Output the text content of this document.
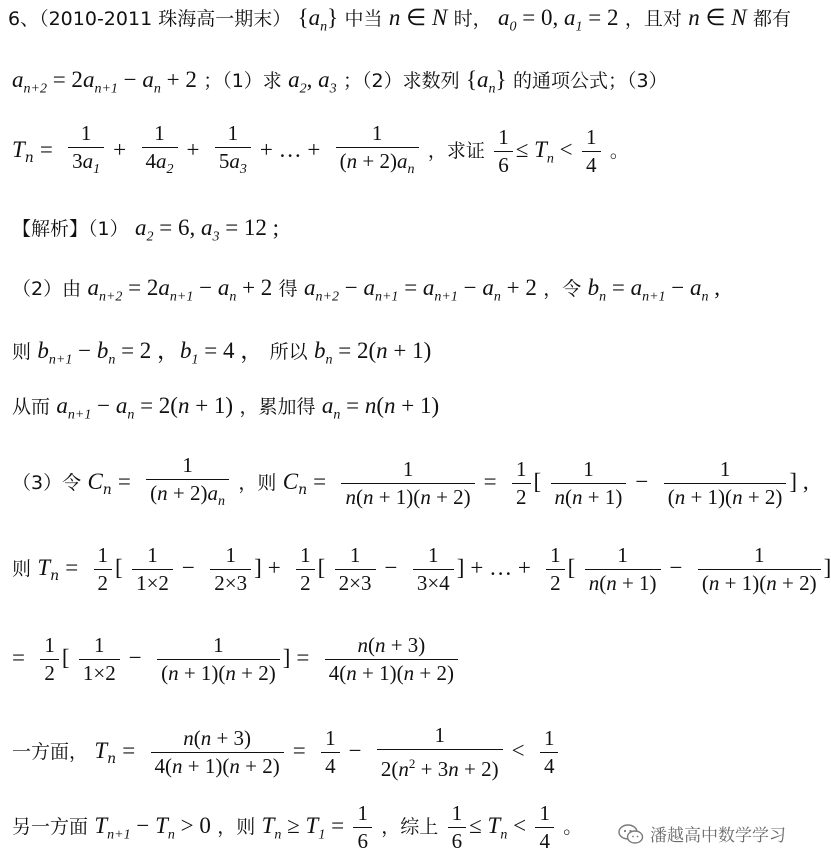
6、（2010-2011 珠海高一期末） $\{a_n\}$ 中当 n ∈ N 时， $a_0 = 0$, $a_1 = 2$ ，且对 n ∈ N 都有
$a_{n+2} = 2a_{n+1} - a_n + 2$ ；（1）求 $a_2$, $a_3$ ；（2）求数列 $\{a_n\}$ 的通项公式；（3）
$T_n = \frac{1}{3a_1} + \frac{1}{4a_2} + \frac{1}{5a_3}$ + … + $\frac{1}{(n + 2)a_n}$ ，求证 $\frac{1}{6} \le T_n < \frac{1}{4}$ 。
【解析】（1） $a_2 = 6$, $a_3 = 12$ ;
（2）由 $a_{n+2} = 2a_{n+1} - a_n + 2$ 得 $a_{n+2} - a_{n+1} = a_{n+1} - a_n + 2$ ，令 $b_n = a_{n+1} - a_n$ ,
则 $b_{n+1} - b_n = 2$ ，$b_1 = 4$ ， 所以 $b_n = 2(n + 1)$
从而 $a_{n+1} - a_n = 2(n + 1)$ ，累加得 $a_n = n(n + 1)$
（3）令 $C_n = \frac{1}{(n + 2)a_n}$ ，则 $C_n = \frac{1}{n(n + 1)(n + 2)} = \frac{1}{2}$ [ $\frac{1}{n(n + 1)} - \frac{1}{(n + 1)(n + 2)}$ ] ,
则 $T_n = \frac{1}{2}$ [ $\frac{1}{1\times 2} - \frac{1}{2\times 3}$ ] + $\frac{1}{2}$ [ $\frac{1}{2\times 3} - \frac{1}{3\times 4}$ ] + … + $\frac{1}{2}$ [ $\frac{1}{n(n + 1)} - \frac{1}{(n + 1)(n + 2)}$ ]
= $\frac{1}{2}$ [ $\frac{1}{1\times 2} - \frac{1}{(n + 1)(n + 2)}$ ] = $\frac{n(n + 3)}{4(n + 1)(n + 2)}$
一方面， $T_n = \frac{n(n + 3)}{4(n + 1)(n + 2)} = \frac{1}{4} - \frac{1}{2(n^2 + 3n + 2)} < \frac{1}{4}$
另一方面 $T_{n+1} - T_n > 0$ ，则 $T_n \ge T_1 = \frac{1}{6}$ ，综上 $\frac{1}{6} \le T_n < \frac{1}{4}$ 。	潘越高中数学学习
